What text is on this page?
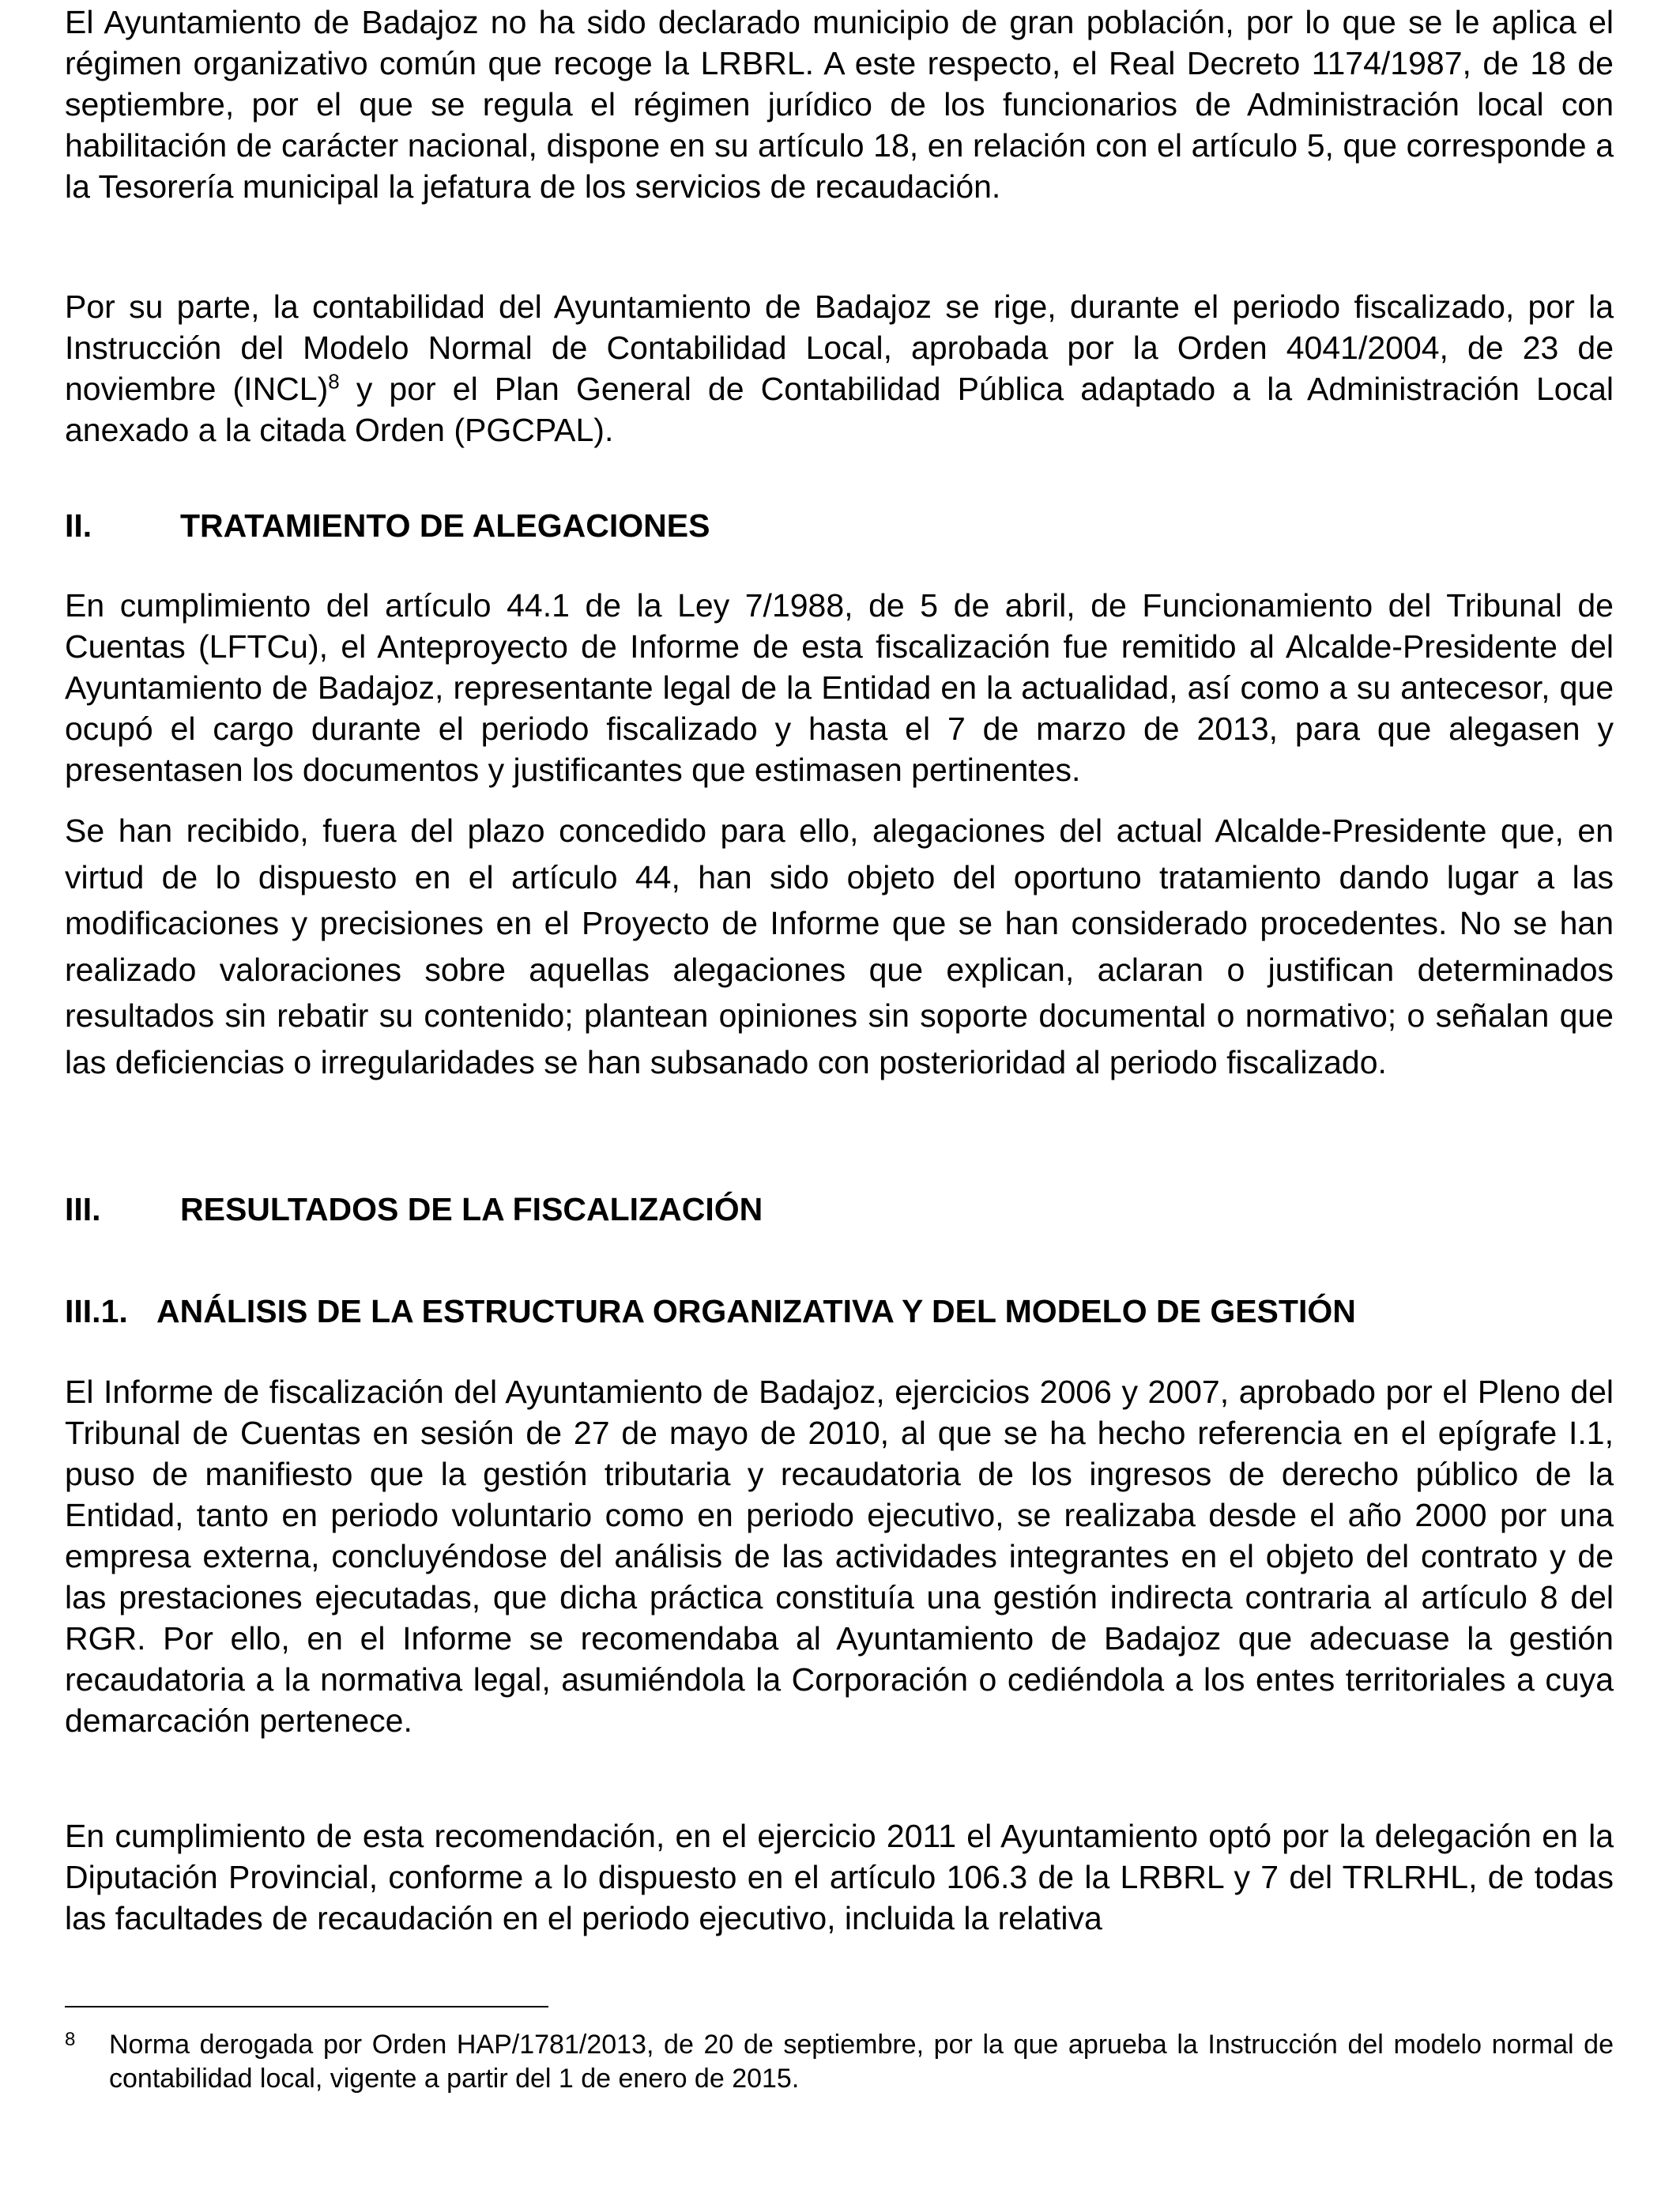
El Ayuntamiento de Badajoz no ha sido declarado municipio de gran población, por lo que se le aplica el régimen organizativo común que recoge la LRBRL. A este respecto, el Real Decreto 1174/1987, de 18 de septiembre, por el que se regula el régimen jurídico de los funcionarios de Administración local con habilitación de carácter nacional, dispone en su artículo 18, en relación con el artículo 5, que corresponde a la Tesorería municipal la jefatura de los servicios de recaudación.

Por su parte, la contabilidad del Ayuntamiento de Badajoz se rige, durante el periodo fiscalizado, por la Instrucción del Modelo Normal de Contabilidad Local, aprobada por la Orden 4041/2004, de 23 de noviembre (INCL)$^8$ y por el Plan General de Contabilidad Pública adaptado a la Administración Local anexado a la citada Orden (PGCPAL).

II.	TRATAMIENTO DE ALEGACIONES

En cumplimiento del artículo 44.1 de la Ley 7/1988, de 5 de abril, de Funcionamiento del Tribunal de Cuentas (LFTCu), el Anteproyecto de Informe de esta fiscalización fue remitido al Alcalde-Presidente del Ayuntamiento de Badajoz, representante legal de la Entidad en la actualidad, así como a su antecesor, que ocupó el cargo durante el periodo fiscalizado y hasta el 7 de marzo de 2013, para que alegasen y presentasen los documentos y justificantes que estimasen pertinentes.

Se han recibido, fuera del plazo concedido para ello, alegaciones del actual Alcalde-Presidente que, en virtud de lo dispuesto en el artículo 44, han sido objeto del oportuno tratamiento dando lugar a las modificaciones y precisiones en el Proyecto de Informe que se han considerado procedentes. No se han realizado valoraciones sobre aquellas alegaciones que explican, aclaran o justifican determinados resultados sin rebatir su contenido; plantean opiniones sin soporte documental o normativo; o señalan que las deficiencias o irregularidades se han subsanado con posterioridad al periodo fiscalizado.

III.	RESULTADOS DE LA FISCALIZACIÓN
III.1. ANÁLISIS DE LA ESTRUCTURA ORGANIZATIVA Y DEL MODELO DE GESTIÓN

El Informe de fiscalización del Ayuntamiento de Badajoz, ejercicios 2006 y 2007, aprobado por el Pleno del Tribunal de Cuentas en sesión de 27 de mayo de 2010, al que se ha hecho referencia en el epígrafe I.1, puso de manifiesto que la gestión tributaria y recaudatoria de los ingresos de derecho público de la Entidad, tanto en periodo voluntario como en periodo ejecutivo, se realizaba desde el año 2000 por una empresa externa, concluyéndose del análisis de las actividades integrantes en el objeto del contrato y de las prestaciones ejecutadas, que dicha práctica constituía una gestión indirecta contraria al artículo 8 del RGR. Por ello, en el Informe se recomendaba al Ayuntamiento de Badajoz que adecuase la gestión recaudatoria a la normativa legal, asumiéndola la Corporación o cediéndola a los entes territoriales a cuya demarcación pertenece.

En cumplimiento de esta recomendación, en el ejercicio 2011 el Ayuntamiento optó por la delegación en la Diputación Provincial, conforme a lo dispuesto en el artículo 106.3 de la LRBRL y 7 del TRLRHL, de todas las facultades de recaudación en el periodo ejecutivo, incluida la relativa

8	Norma derogada por Orden HAP/1781/2013, de 20 de septiembre, por la que aprueba la Instrucción del modelo normal de contabilidad local, vigente a partir del 1 de enero de 2015.
